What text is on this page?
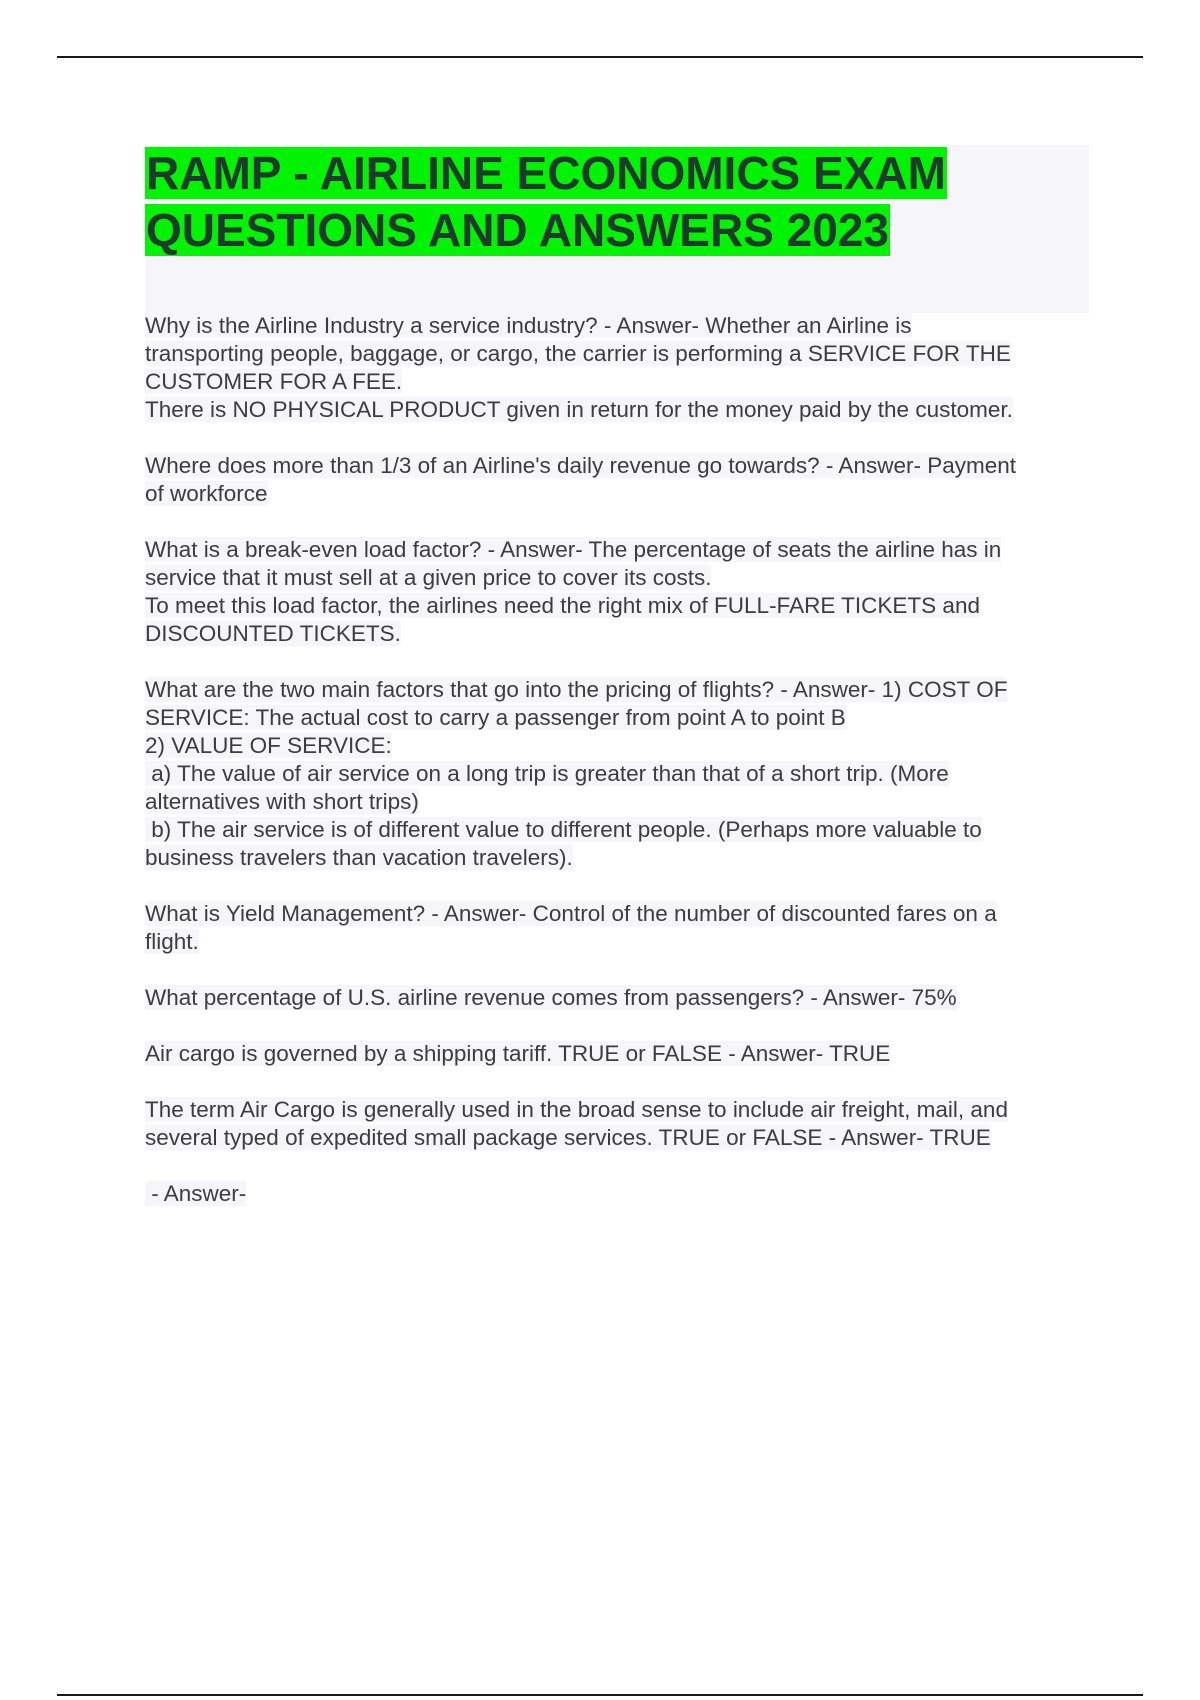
RAMP - AIRLINE ECONOMICS EXAM
QUESTIONS AND ANSWERS 2023

Why is the Airline Industry a service industry? - Answer- Whether an Airline is
transporting people, baggage, or cargo, the carrier is performing a SERVICE FOR THE
CUSTOMER FOR A FEE.
There is NO PHYSICAL PRODUCT given in return for the money paid by the customer.

Where does more than 1/3 of an Airline's daily revenue go towards? - Answer- Payment
of workforce

What is a break-even load factor? - Answer- The percentage of seats the airline has in
service that it must sell at a given price to cover its costs.
To meet this load factor, the airlines need the right mix of FULL-FARE TICKETS and
DISCOUNTED TICKETS.

What are the two main factors that go into the pricing of flights? - Answer- 1) COST OF
SERVICE: The actual cost to carry a passenger from point A to point B
2) VALUE OF SERVICE:
a) The value of air service on a long trip is greater than that of a short trip. (More
alternatives with short trips)
b) The air service is of different value to different people. (Perhaps more valuable to
business travelers than vacation travelers).

What is Yield Management? - Answer- Control of the number of discounted fares on a
flight.

What percentage of U.S. airline revenue comes from passengers? - Answer- 75%

Air cargo is governed by a shipping tariff. TRUE or FALSE - Answer- TRUE

The term Air Cargo is generally used in the broad sense to include air freight, mail, and
several typed of expedited small package services. TRUE or FALSE - Answer- TRUE

- Answer-
